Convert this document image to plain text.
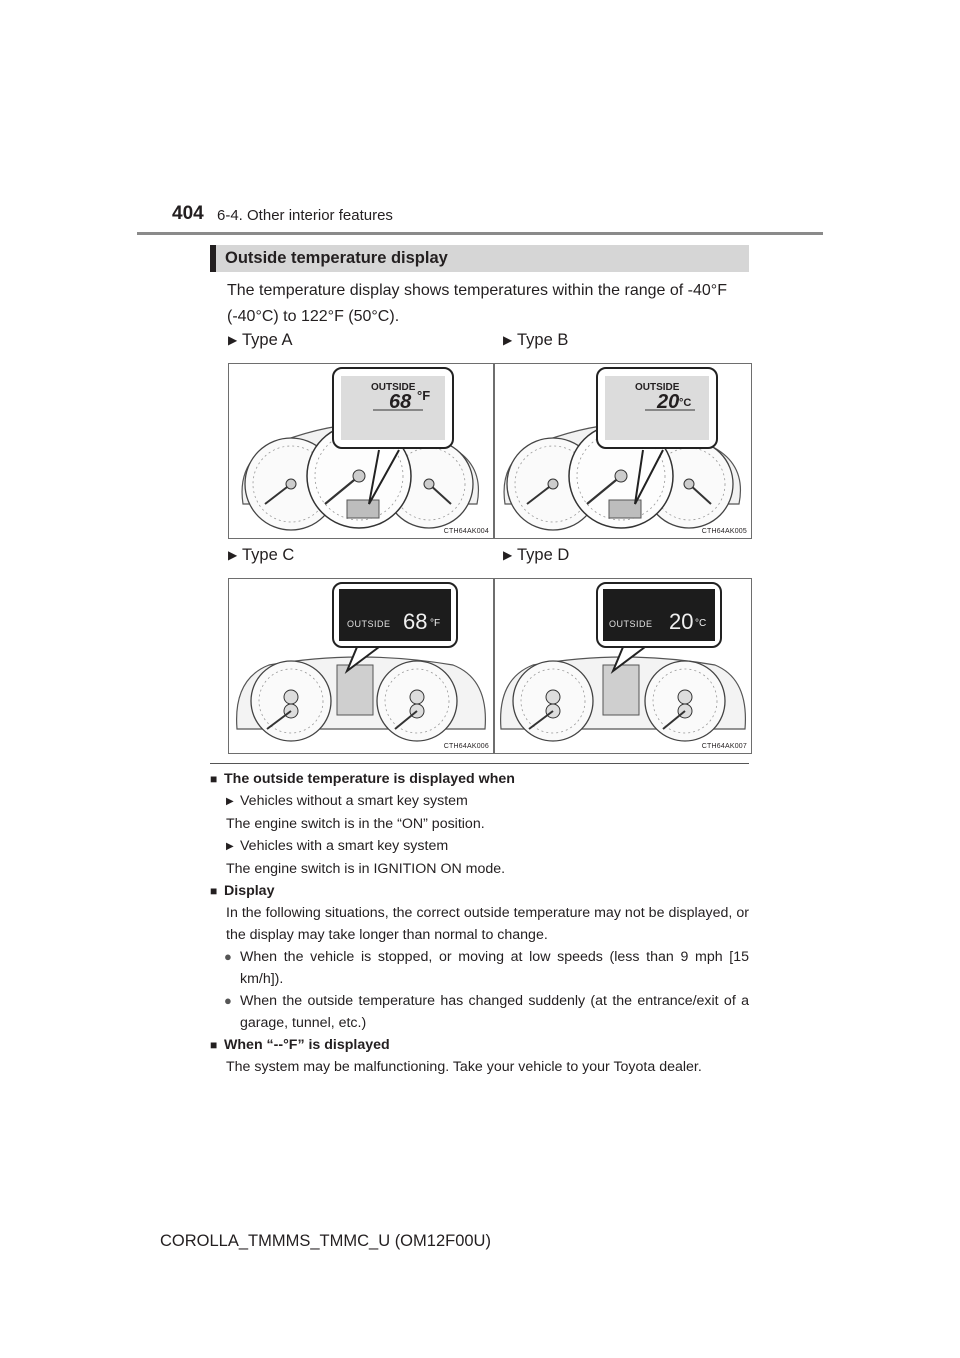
404 6-4. Other interior features
Outside temperature display
The temperature display shows temperatures within the range of -40°F (-40°C) to 122°F (50°C).
▶ Type A	▶ Type B
▶ Type C	▶ Type D
OUTSIDE
68 °F
CTH64AK004
OUTSIDE
20 °C
CTH64AK005
OUTSIDE 68 °F
CTH64AK006
OUTSIDE 20 °C
CTH64AK007
■ The outside temperature is displayed when
▶ Vehicles without a smart key system
The engine switch is in the “ON” position.
▶ Vehicles with a smart key system
The engine switch is in IGNITION ON mode.
■ Display
In the following situations, the correct outside temperature may not be displayed, or the display may take longer than normal to change.
● When the vehicle is stopped, or moving at low speeds (less than 9 mph [15 km/h]).
● When the outside temperature has changed suddenly (at the entrance/exit of a garage, tunnel, etc.)
■ When “--°F” is displayed
The system may be malfunctioning. Take your vehicle to your Toyota dealer.
COROLLA_TMMMS_TMMC_U (OM12F00U)
